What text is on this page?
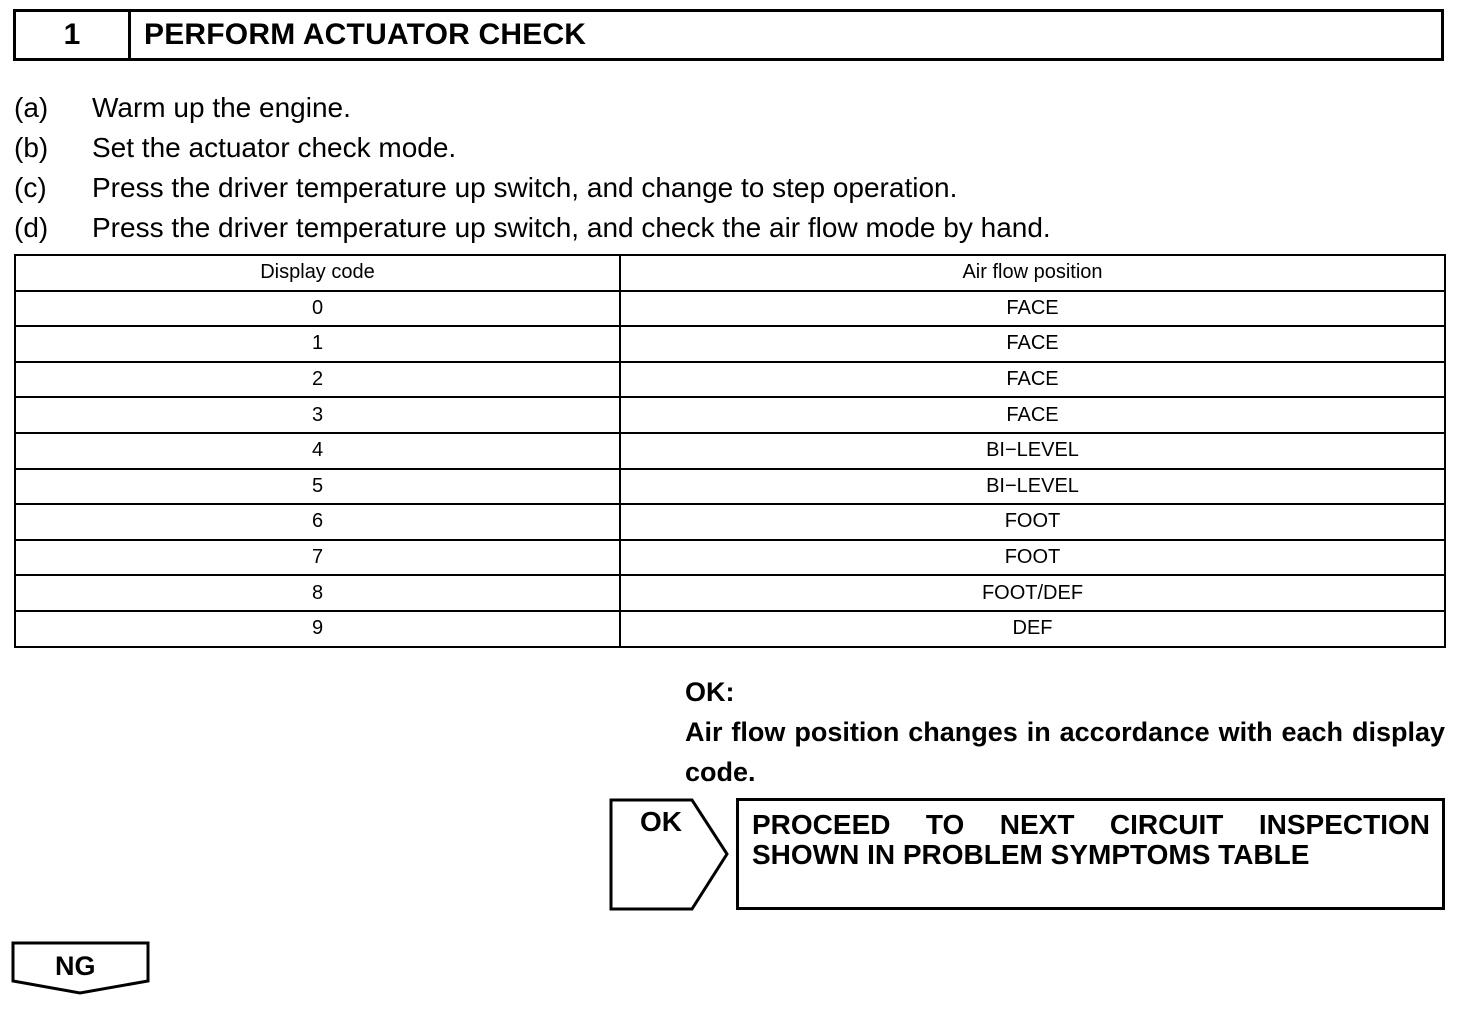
1	PERFORM ACTUATOR CHECK
(a)	Warm up the engine.
(b)	Set the actuator check mode.
(c)	Press the driver temperature up switch, and change to step operation.
(d)	Press the driver temperature up switch, and check the air flow mode by hand.
Display code	Air flow position
0	FACE
1	FACE
2	FACE
3	FACE
4	BI−LEVEL
5	BI−LEVEL
6	FOOT
7	FOOT
8	FOOT/DEF
9	DEF
OK:
Air flow position changes in accordance with each display code.
OK	PROCEED TO NEXT CIRCUIT INSPECTION
SHOWN IN PROBLEM SYMPTOMS TABLE
NG
